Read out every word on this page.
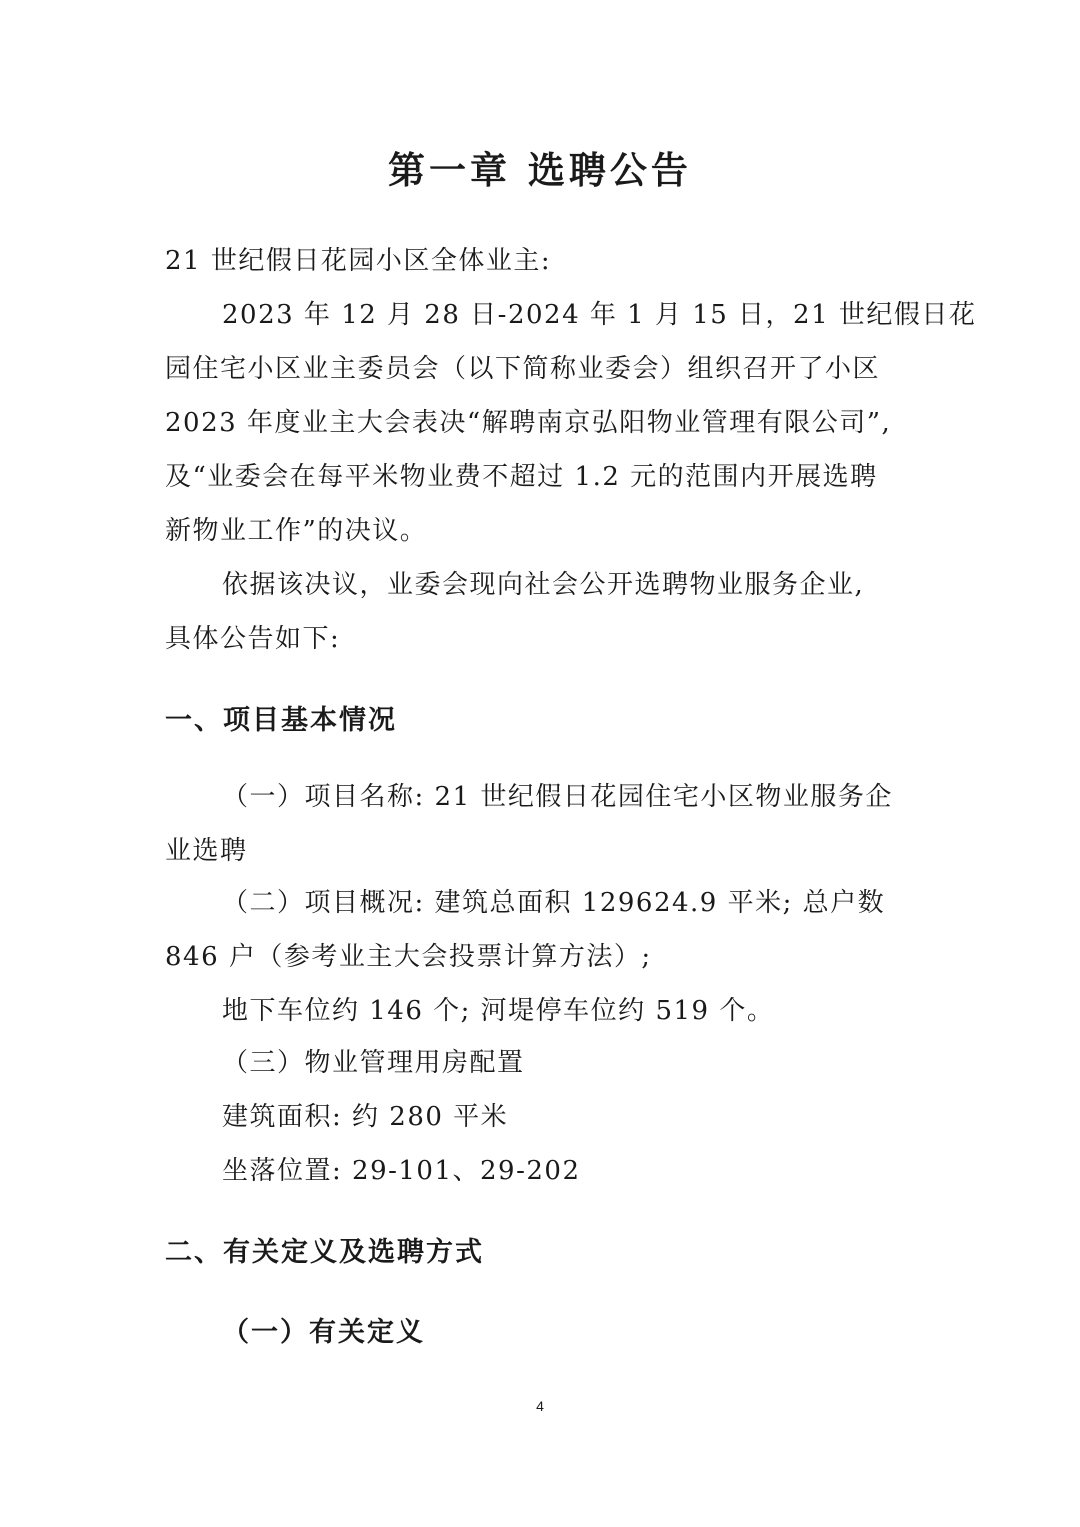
第一章 选聘公告
21 世纪假日花园小区全体业主:
2023 年 12 月 28 日-2024 年 1 月 15 日，21 世纪假日花
园住宅小区业主委员会（以下简称业委会）组织召开了小区
2023 年度业主大会表决“解聘南京弘阳物业管理有限公司”,
及“业委会在每平米物业费不超过 1.2 元的范围内开展选聘
新物业工作”的决议。
依据该决议，业委会现向社会公开选聘物业服务企业,
具体公告如下:
一、项目基本情况
（一）项目名称: 21 世纪假日花园住宅小区物业服务企
业选聘
（二）项目概况: 建筑总面积 129624.9 平米; 总户数
846 户（参考业主大会投票计算方法）;
地下车位约 146 个; 河堤停车位约 519 个。
（三）物业管理用房配置
建筑面积: 约 280 平米
坐落位置: 29-101、29-202
二、有关定义及选聘方式
（一）有关定义
4
